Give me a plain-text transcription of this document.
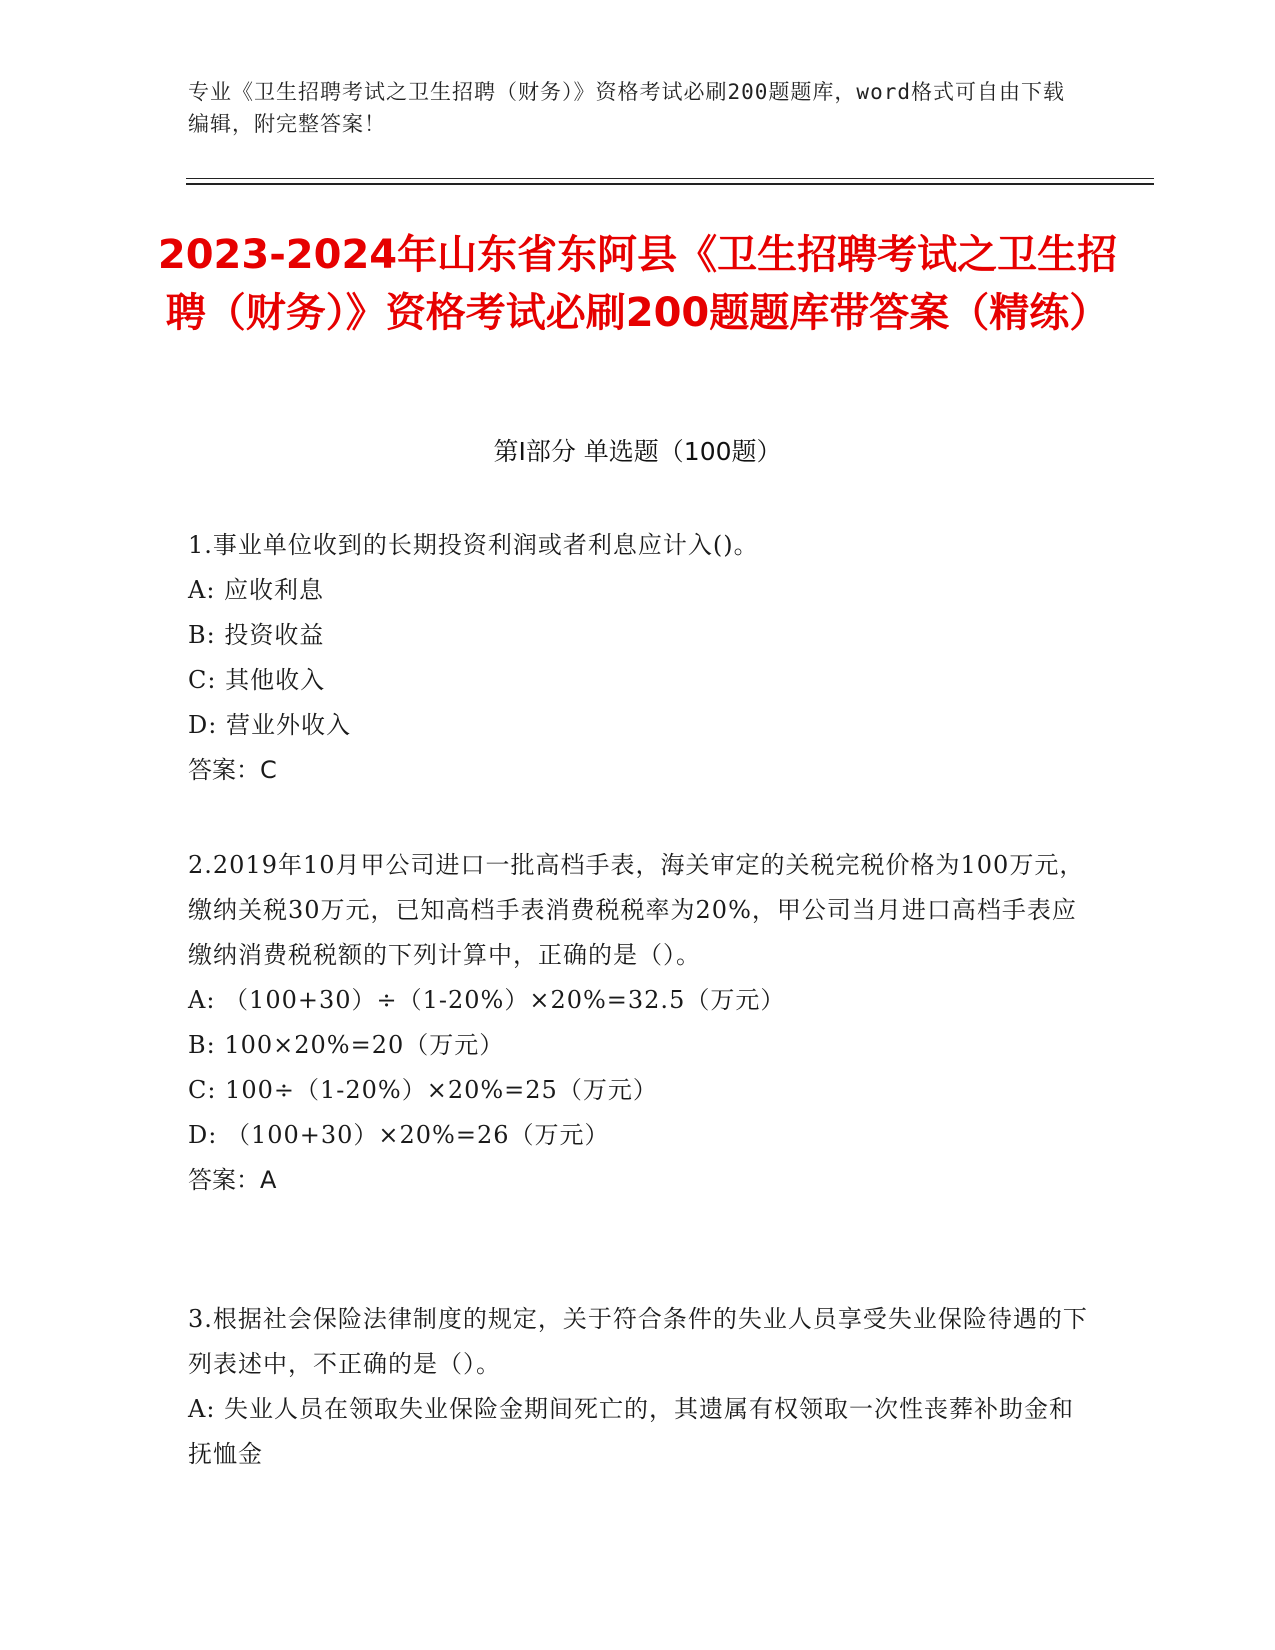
专业《卫生招聘考试之卫生招聘（财务）》资格考试必刷200题题库，word格式可自由下载编辑，附完整答案！
2023-2024年山东省东阿县《卫生招聘考试之卫生招聘（财务）》资格考试必刷200题题库带答案（精练）
第I部分 单选题（100题）

1.事业单位收到的长期投资利润或者利息应计入()。

A: 应收利息

B: 投资收益

C: 其他收入

D: 营业外收入

答案：C

2.2019年10月甲公司进口一批高档手表，海关审定的关税完税价格为100万元，缴纳关税30万元，已知高档手表消费税税率为20%，甲公司当月进口高档手表应缴纳消费税税额的下列计算中，正确的是（）。

A: （100+30）÷（1-20%）×20%=32.5（万元）

B: 100×20%=20（万元）

C: 100÷（1-20%）×20%=25（万元）

D: （100+30）×20%=26（万元）

答案：A

3.根据社会保险法律制度的规定，关于符合条件的失业人员享受失业保险待遇的下列表述中，不正确的是（）。

A: 失业人员在领取失业保险金期间死亡的，其遗属有权领取一次性丧葬补助金和抚恤金
